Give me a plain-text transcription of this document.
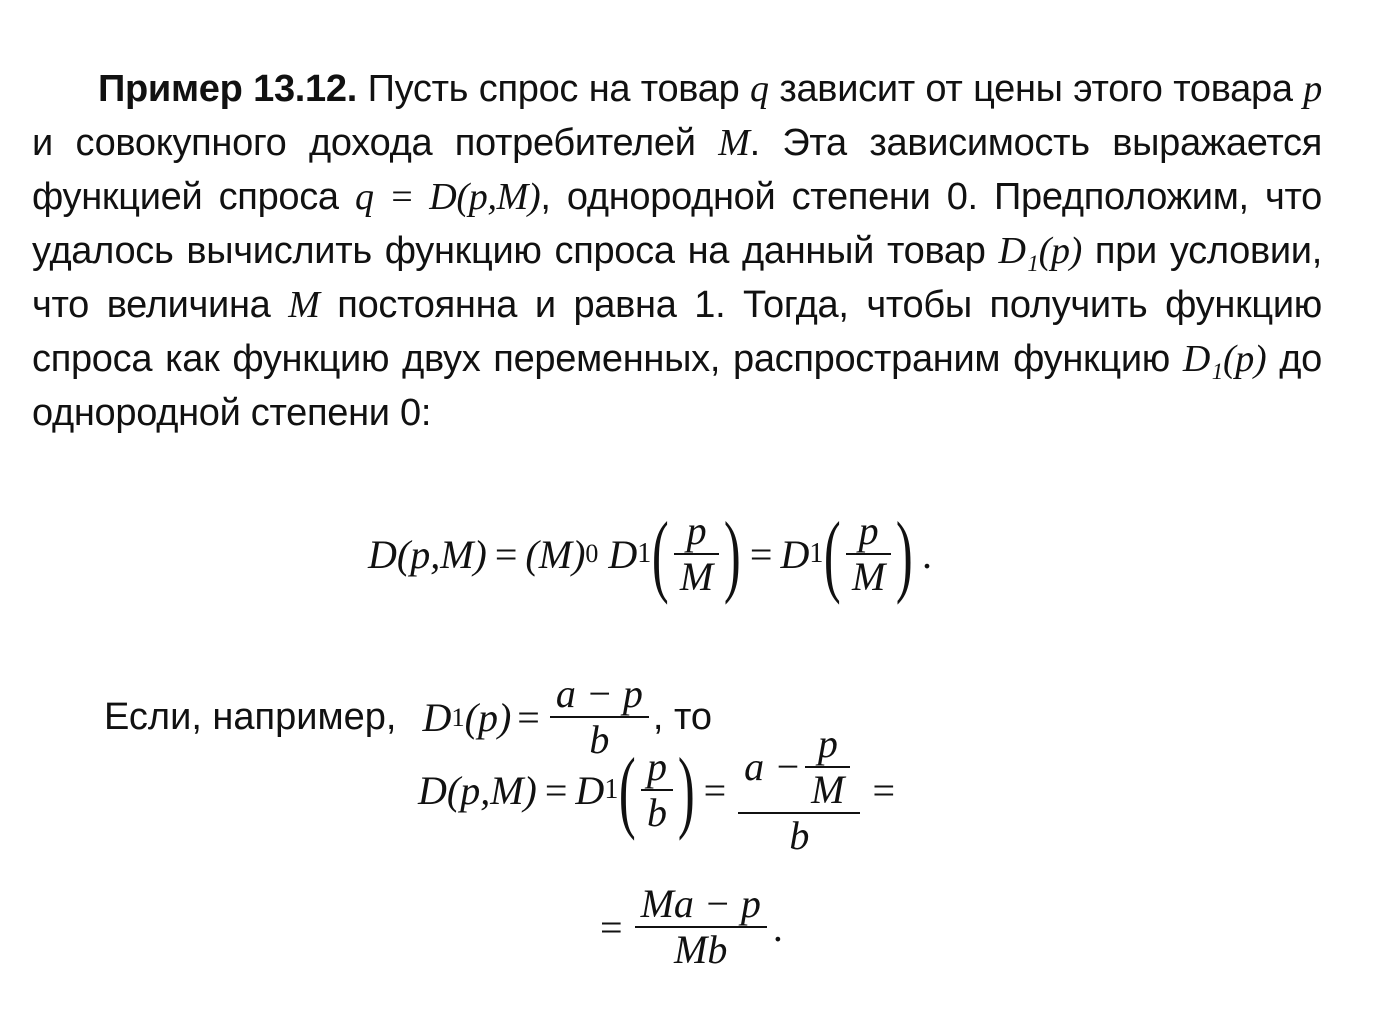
Пример 13.12. Пусть спрос на товар q зависит от цены этого товара p и совокупного дохода потребителей M. Эта зависимость выражается функцией спроса q = D(p,M), однородной степени 0. Предположим, что удалось вычислить функцию спроса на данный товар D₁(p) при условии, что величина M постоянна и равна 1. Тогда, чтобы получить функцию спроса как функцию двух переменных, распространим функцию D₁(p) до однородной степени 0:
D(p,M) = (M) 0 D 1 ( $\frac{p}{M}$ ) = D 1 ( $\frac{p}{M}$ ) .
Если, например, D 1 $(p) = \frac{a - p}{b}$ , то
D(p,M) = D 1 ( $\frac{p}{b}$ ) = $\frac{a - \frac{p}{M}}{b}$ =
= $\frac{Ma - p}{Mb}$ .
